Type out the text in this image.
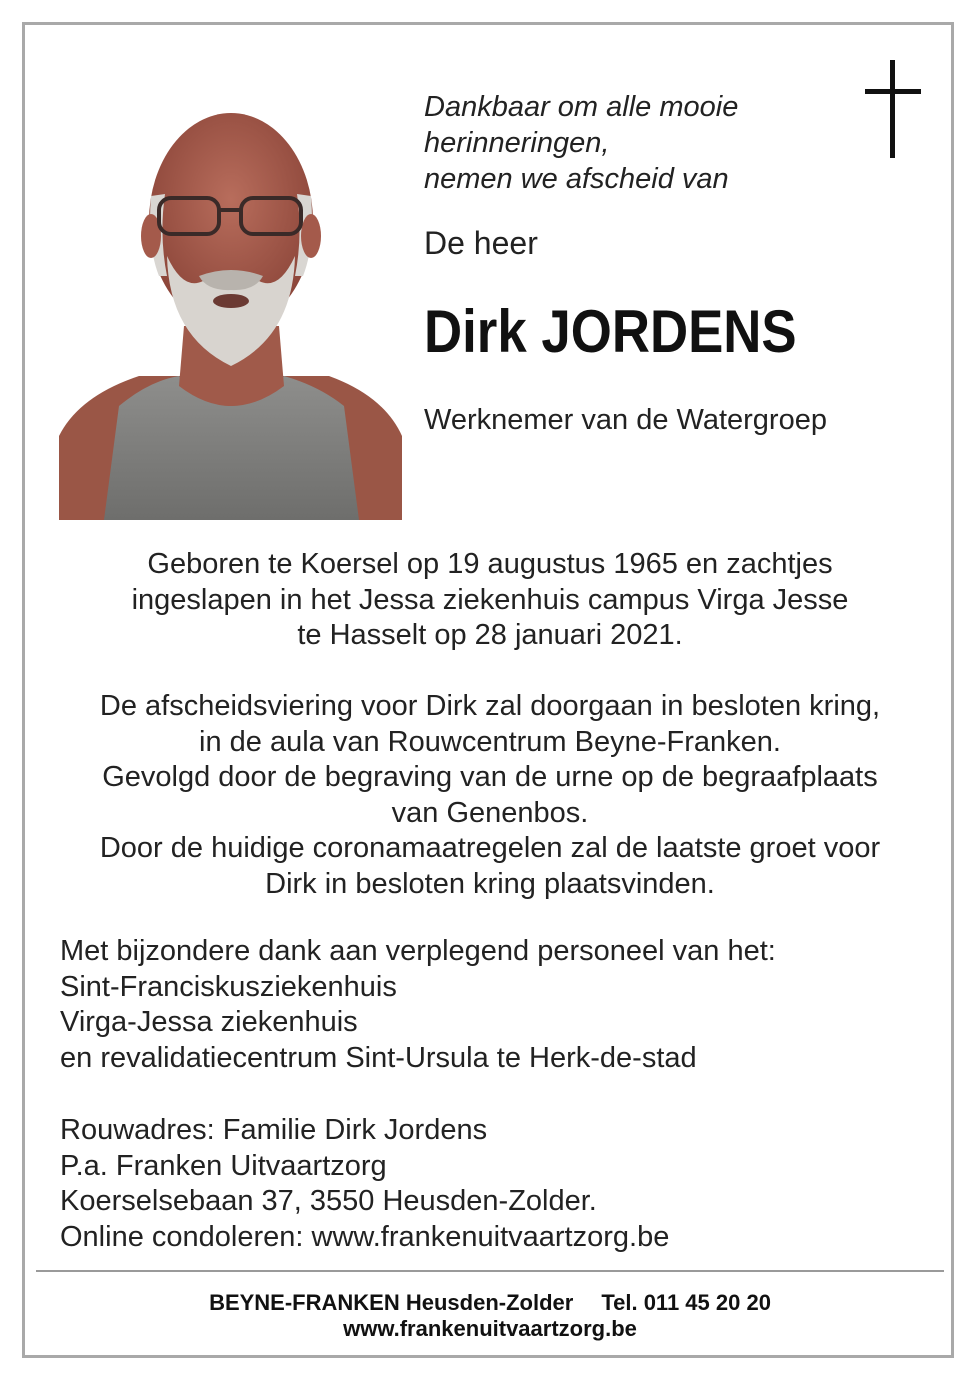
Dankbaar om alle mooie
herinneringen,
nemen we afscheid van
De heer
Dirk JORDENS
Werknemer van de Watergroep
Geboren te Koersel op 19 augustus 1965 en zachtjes
ingeslapen in het Jessa ziekenhuis campus Virga Jesse
te Hasselt op 28 januari 2021.
De afscheidsviering voor Dirk zal doorgaan in besloten kring,
in de aula van Rouwcentrum Beyne-Franken.
Gevolgd door de begraving van de urne op de begraafplaats
van Genenbos.
Door de huidige coronamaatregelen zal de laatste groet voor
Dirk in besloten kring plaatsvinden.
Met bijzondere dank aan verplegend personeel van het:
Sint-Franciskusziekenhuis
Virga-Jessa ziekenhuis
en revalidatiecentrum Sint-Ursula te Herk-de-stad
Rouwadres: Familie Dirk Jordens
P.a. Franken Uitvaartzorg
Koerselsebaan 37, 3550 Heusden-Zolder.
Online condoleren: www.frankenuitvaartzorg.be
BEYNE-FRANKEN Heusden-Zolder Tel. 011 45 20 20
www.frankenuitvaartzorg.be
